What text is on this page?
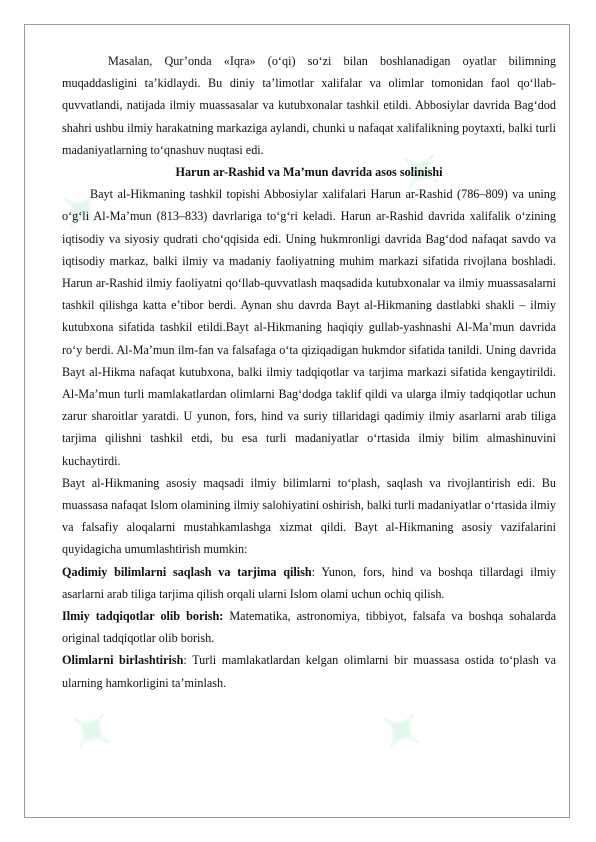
Masalan, Qur’onda «Iqra» (o‘qi) so‘zi bilan boshlanadigan oyatlar bilimning muqaddasligini ta’kidlaydi. Bu diniy ta’limotlar xalifalar va olimlar tomonidan faol qo‘llab-quvvatlandi, natijada ilmiy muassasalar va kutubxonalar tashkil etildi. Abbosiylar davrida Bag‘dod shahri ushbu ilmiy harakatning markaziga aylandi, chunki u nafaqat xalifalikning poytaxti, balki turli madaniyatlarning to‘qnashuv nuqtasi edi.

Harun ar-Rashid va Ma’mun davrida asos solinishi

Bayt al-Hikmaning tashkil topishi Abbosiylar xalifalari Harun ar-Rashid (786–809) va uning o‘g‘li Al-Ma’mun (813–833) davrlariga to‘g‘ri keladi. Harun ar-Rashid davrida xalifalik o‘zining iqtisodiy va siyosiy qudrati cho‘qqisida edi. Uning hukmronligi davrida Bag‘dod nafaqat savdo va iqtisodiy markaz, balki ilmiy va madaniy faoliyatning muhim markazi sifatida rivojlana boshladi. Harun ar-Rashid ilmiy faoliyatni qo‘llab-quvvatlash maqsadida kutubxonalar va ilmiy muassasalarni tashkil qilishga katta e’tibor berdi. Aynan shu davrda Bayt al-Hikmaning dastlabki shakli – ilmiy kutubxona sifatida tashkil etildi.Bayt al-Hikmaning haqiqiy gullab-yashnashi Al-Ma’mun davrida ro‘y berdi. Al-Ma’mun ilm-fan va falsafaga o‘ta qiziqadigan hukmdor sifatida tanildi. Uning davrida Bayt al-Hikma nafaqat kutubxona, balki ilmiy tadqiqotlar va tarjima markazi sifatida kengaytirildi. Al-Ma’mun turli mamlakatlardan olimlarni Bag‘dodga taklif qildi va ularga ilmiy tadqiqotlar uchun zarur sharoitlar yaratdi. U yunon, fors, hind va suriy tillaridagi qadimiy ilmiy asarlarni arab tiliga tarjima qilishni tashkil etdi, bu esa turli madaniyatlar o‘rtasida ilmiy bilim almashinuvini kuchaytirdi.

Bayt al-Hikmaning asosiy maqsadi ilmiy bilimlarni to‘plash, saqlash va rivojlantirish edi. Bu muassasa nafaqat Islom olamining ilmiy salohiyatini oshirish, balki turli madaniyatlar o‘rtasida ilmiy va falsafiy aloqalarni mustahkamlashga xizmat qildi. Bayt al-Hikmaning asosiy vazifalarini quyidagicha umumlashtirish mumkin:

Qadimiy bilimlarni saqlash va tarjima qilish: Yunon, fors, hind va boshqa tillardagi ilmiy asarlarni arab tiliga tarjima qilish orqali ularni Islom olami uchun ochiq qilish.

Ilmiy tadqiqotlar olib borish: Matematika, astronomiya, tibbiyot, falsafa va boshqa sohalarda original tadqiqotlar olib borish.

Olimlarni birlashtirish: Turli mamlakatlardan kelgan olimlarni bir muassasa ostida to‘plash va ularning hamkorligini ta’minlash.
